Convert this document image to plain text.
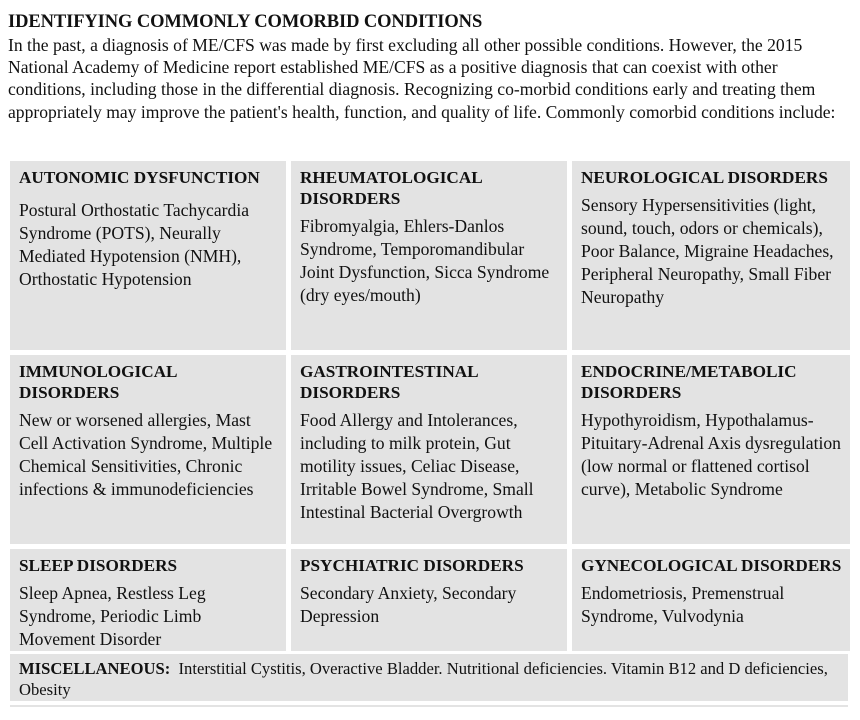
IDENTIFYING COMMONLY COMORBID CONDITIONS
In the past, a diagnosis of ME/CFS was made by first excluding all other possible conditions. However, the 2015 National Academy of Medicine report established ME/CFS as a positive diagnosis that can coexist with other conditions, including those in the differential diagnosis. Recognizing co-morbid conditions early and treating them appropriately may improve the patient's health, function, and quality of life. Commonly comorbid conditions include:
AUTONOMIC DYSFUNCTION
Postural Orthostatic Tachycardia Syndrome (POTS), Neurally Mediated Hypotension (NMH), Orthostatic Hypotension
RHEUMATOLOGICAL DISORDERS
Fibromyalgia, Ehlers-Danlos Syndrome, Temporomandibular Joint Dysfunction, Sicca Syndrome (dry eyes/mouth)
NEUROLOGICAL DISORDERS
Sensory Hypersensitivities (light, sound, touch, odors or chemicals), Poor Balance, Migraine Headaches, Peripheral Neuropathy, Small Fiber Neuropathy
IMMUNOLOGICAL DISORDERS
New or worsened allergies, Mast Cell Activation Syndrome, Multiple Chemical Sensitivities, Chronic infections & immunodeficiencies
GASTROINTESTINAL DISORDERS
Food Allergy and Intolerances, including to milk protein, Gut motility issues, Celiac Disease, Irritable Bowel Syndrome, Small Intestinal Bacterial Overgrowth
ENDOCRINE/METABOLIC DISORDERS
Hypothyroidism, Hypothalamus-Pituitary-Adrenal Axis dysregulation (low normal or flattened cortisol curve), Metabolic Syndrome
SLEEP DISORDERS
Sleep Apnea, Restless Leg Syndrome, Periodic Limb Movement Disorder
PSYCHIATRIC DISORDERS
Secondary Anxiety, Secondary Depression
GYNECOLOGICAL DISORDERS
Endometriosis, Premenstrual Syndrome, Vulvodynia
MISCELLANEOUS: Interstitial Cystitis, Overactive Bladder. Nutritional deficiencies. Vitamin B12 and D deficiencies, Obesity
